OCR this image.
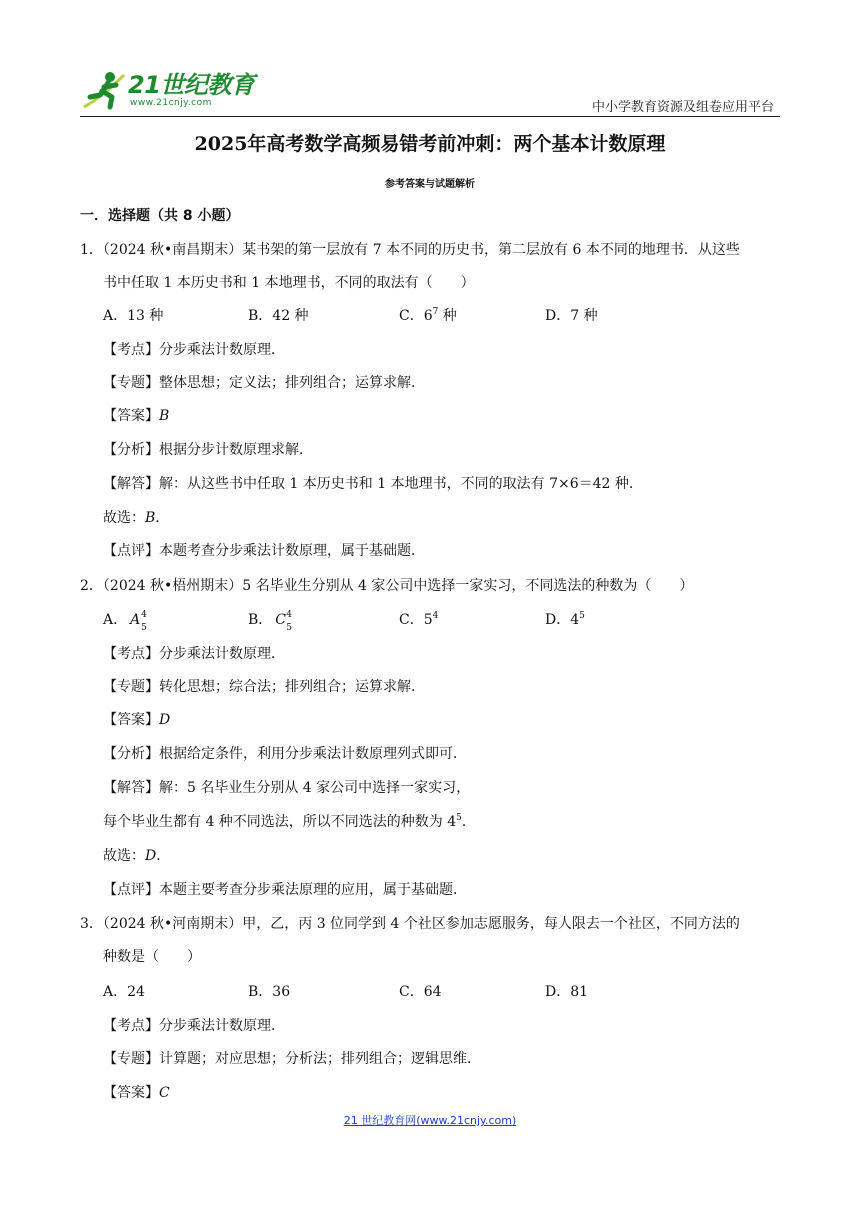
21世纪教育
www.21cnjy.com	中小学教育资源及组卷应用平台
2025年高考数学高频易错考前冲刺：两个基本计数原理
参考答案与试题解析
一．选择题（共 8 小题）
1．（2024 秋•南昌期末）某书架的第一层放有 7 本不同的历史书，第二层放有 6 本不同的地理书．从这些
书中任取 1 本历史书和 1 本地理书，不同的取法有（　　）
A．13 种	B．42 种	C．$6^7$ 种	D．7 种
【考点】分步乘法计数原理．
【专题】整体思想；定义法；排列组合；运算求解．
【答案】B
【分析】根据分步计数原理求解．
【解答】解：从这些书中任取 1 本历史书和 1 本地理书，不同的取法有 7×6＝42 种．
故选：B．
【点评】本题考查分步乘法计数原理，属于基础题．
2．（2024 秋•梧州期末）5 名毕业生分别从 4 家公司中选择一家实习，不同选法的种数为（　　）
A． A 4
5	B． C 4
5	C．$5^4$	D．$4^5$
【考点】分步乘法计数原理．
【专题】转化思想；综合法；排列组合；运算求解．
【答案】D
【分析】根据给定条件，利用分步乘法计数原理列式即可．
【解答】解：5 名毕业生分别从 4 家公司中选择一家实习，
每个毕业生都有 4 种不同选法，所以不同选法的种数为 $4^5$．
故选：D．
【点评】本题主要考查分步乘法原理的应用，属于基础题．
3．（2024 秋•河南期末）甲，乙，丙 3 位同学到 4 个社区参加志愿服务，每人限去一个社区，不同方法的
种数是（　　）
A．24	B．36	C．64	D．81
【考点】分步乘法计数原理．
【专题】计算题；对应思想；分析法；排列组合；逻辑思维．
【答案】C
21 世纪教育网(www.21cnjy.com)
